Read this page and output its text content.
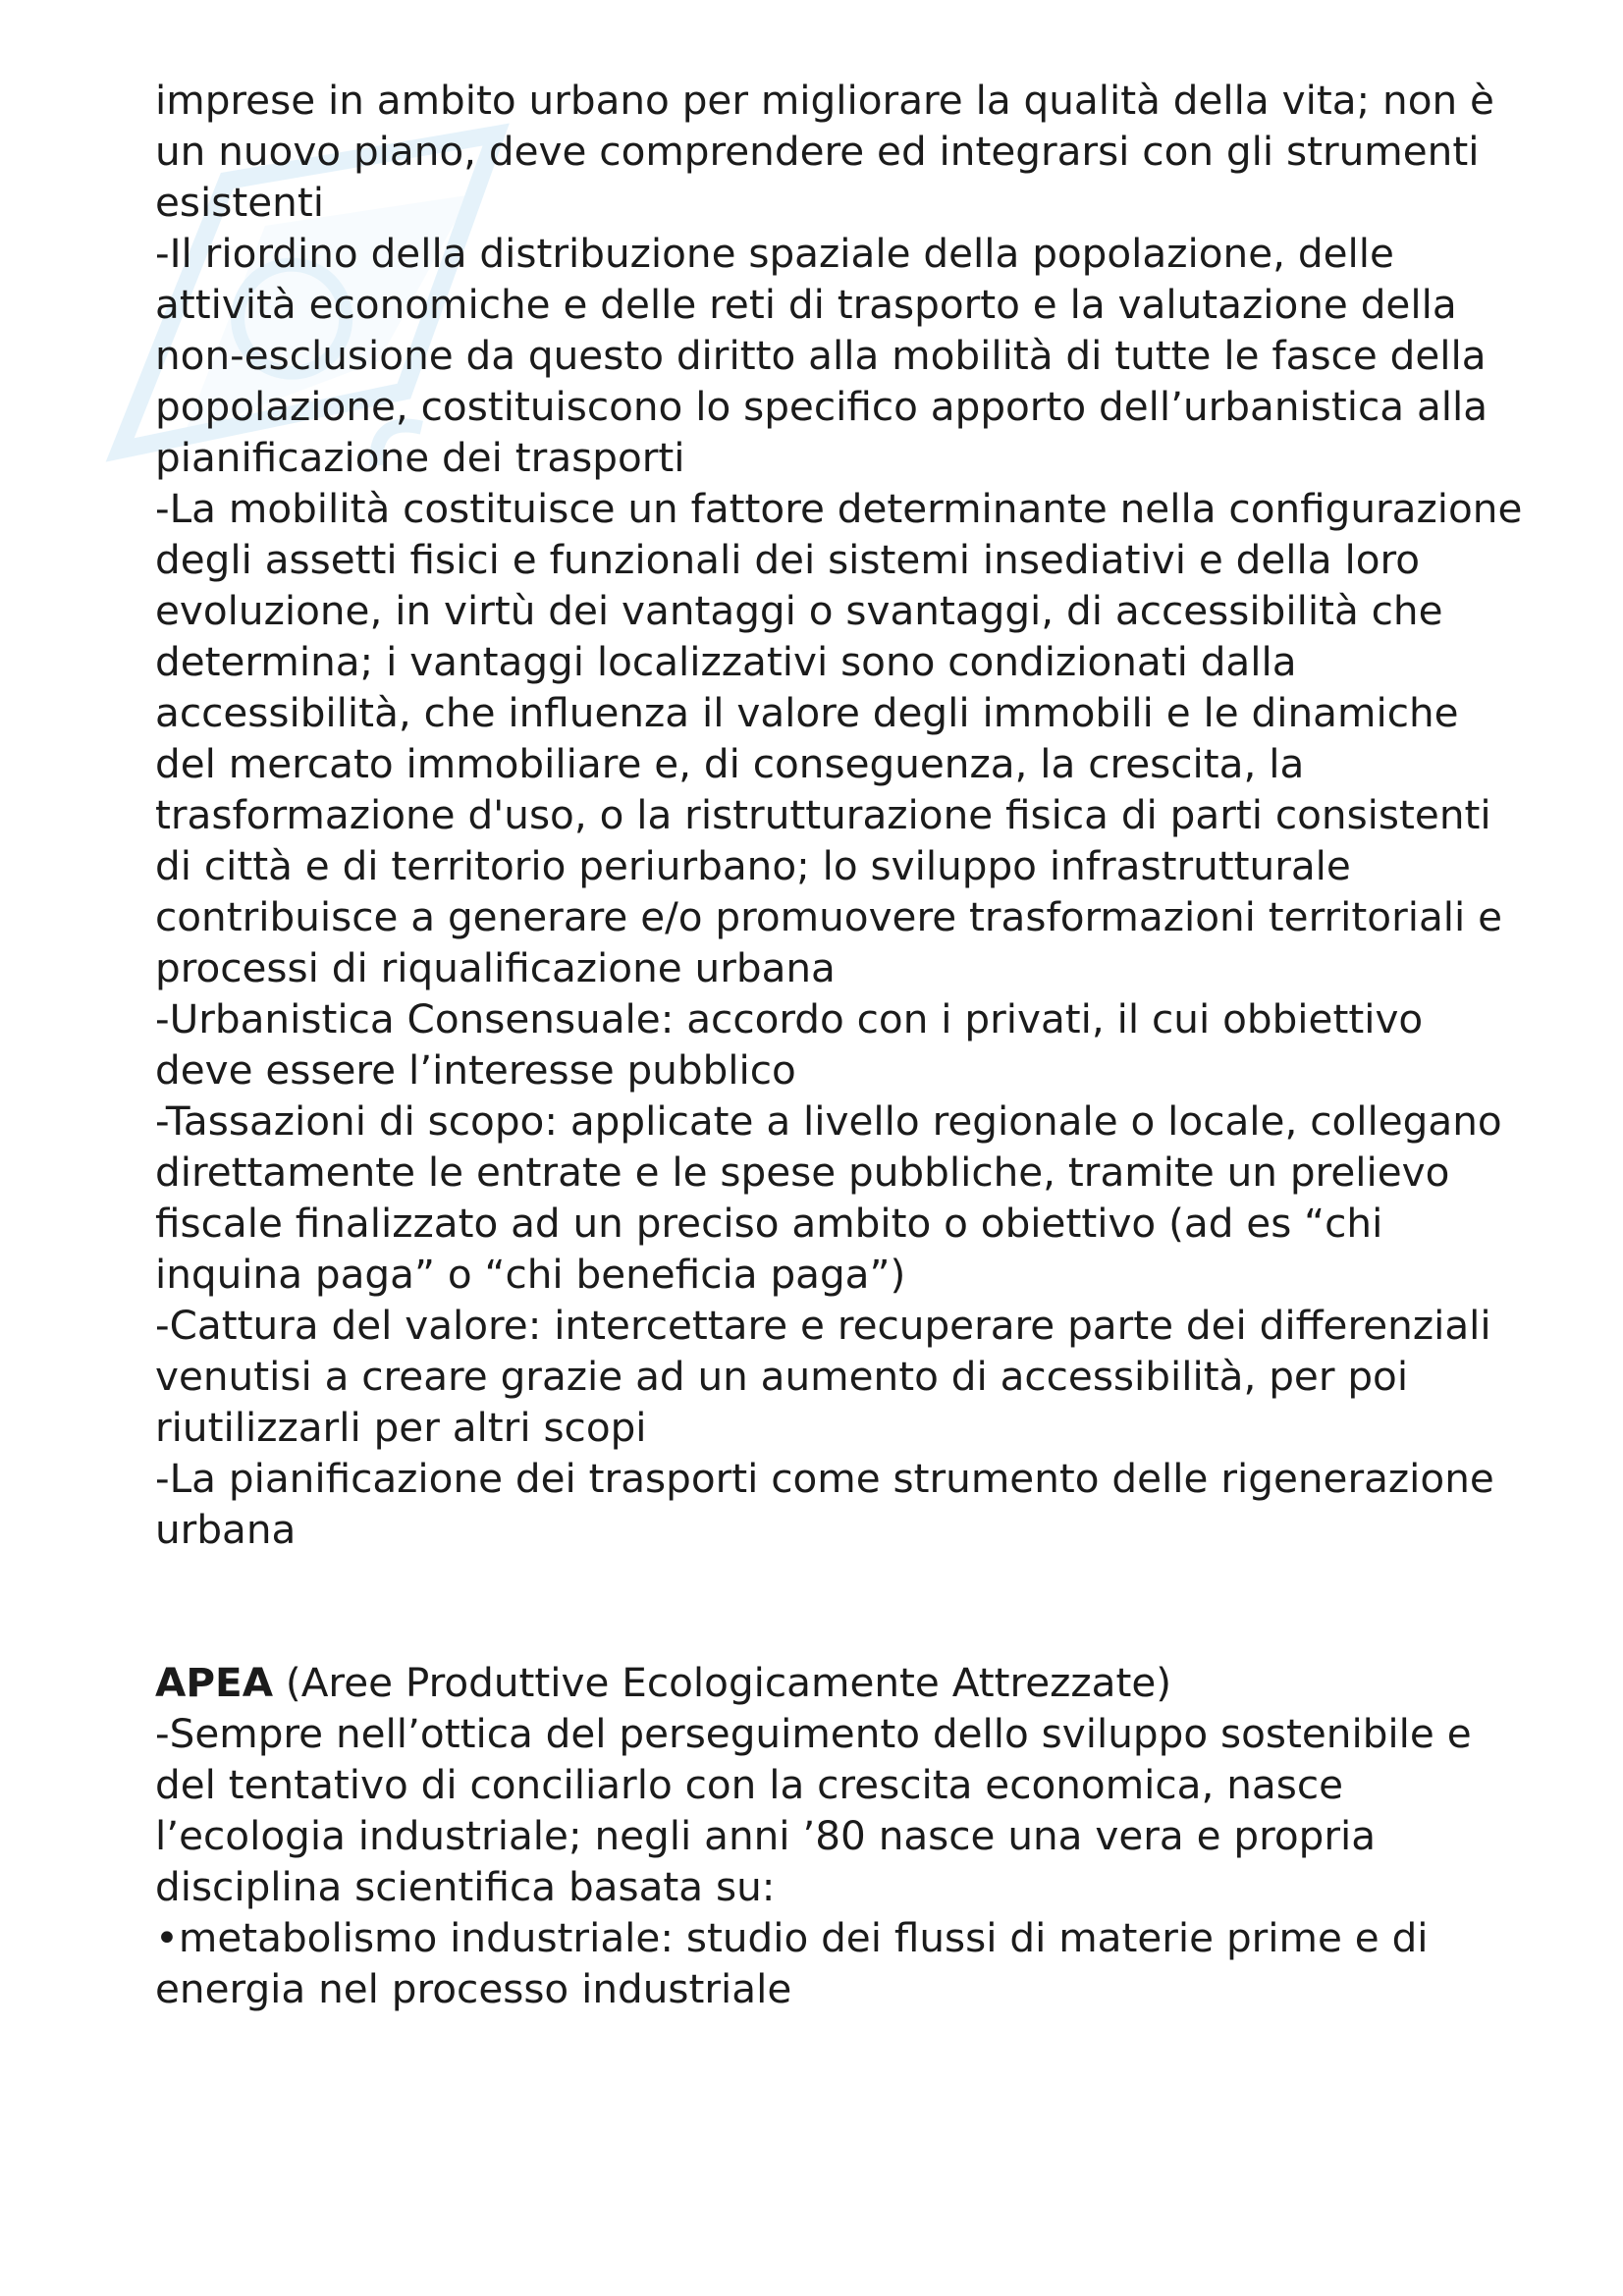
imprese in ambito urbano per migliorare la qualità della vita; non è un nuovo piano, deve comprendere ed integrarsi con gli strumenti esistenti

-Il riordino della distribuzione spaziale della popolazione, delle attività economiche e delle reti di trasporto e la valutazione della non-esclusione da questo diritto alla mobilità di tutte le fasce della popolazione, costituiscono lo specifico apporto dell’urbanistica alla pianificazione dei trasporti

-La mobilità costituisce un fattore determinante nella configurazione degli assetti fisici e funzionali dei sistemi insediativi e della loro evoluzione, in virtù dei vantaggi o svantaggi, di accessibilità che determina; i vantaggi localizzativi sono condizionati dalla accessibilità, che influenza il valore degli immobili e le dinamiche del mercato immobiliare e, di conseguenza, la crescita, la trasformazione d'uso, o la ristrutturazione fisica di parti consistenti di città e di territorio periurbano; lo sviluppo infrastrutturale contribuisce a generare e/o promuovere trasformazioni territoriali e processi di riqualificazione urbana

-Urbanistica Consensuale: accordo con i privati, il cui obbiettivo deve essere l’interesse pubblico

-Tassazioni di scopo: applicate a livello regionale o locale, collegano direttamente le entrate e le spese pubbliche, tramite un prelievo fiscale finalizzato ad un preciso ambito o obiettivo (ad es “chi inquina paga” o “chi beneficia paga”)

-Cattura del valore: intercettare e recuperare parte dei differenziali venutisi a creare grazie ad un aumento di accessibilità, per poi riutilizzarli per altri scopi

-La pianificazione dei trasporti come strumento delle rigenerazione urbana

APEA (Aree Produttive Ecologicamente Attrezzate)

-Sempre nell’ottica del perseguimento dello sviluppo sostenibile e del tentativo di conciliarlo con la crescita economica, nasce l’ecologia industriale; negli anni ’80 nasce una vera e propria disciplina scientifica basata su:

•metabolismo industriale: studio dei flussi di materie prime e di energia nel processo industriale
